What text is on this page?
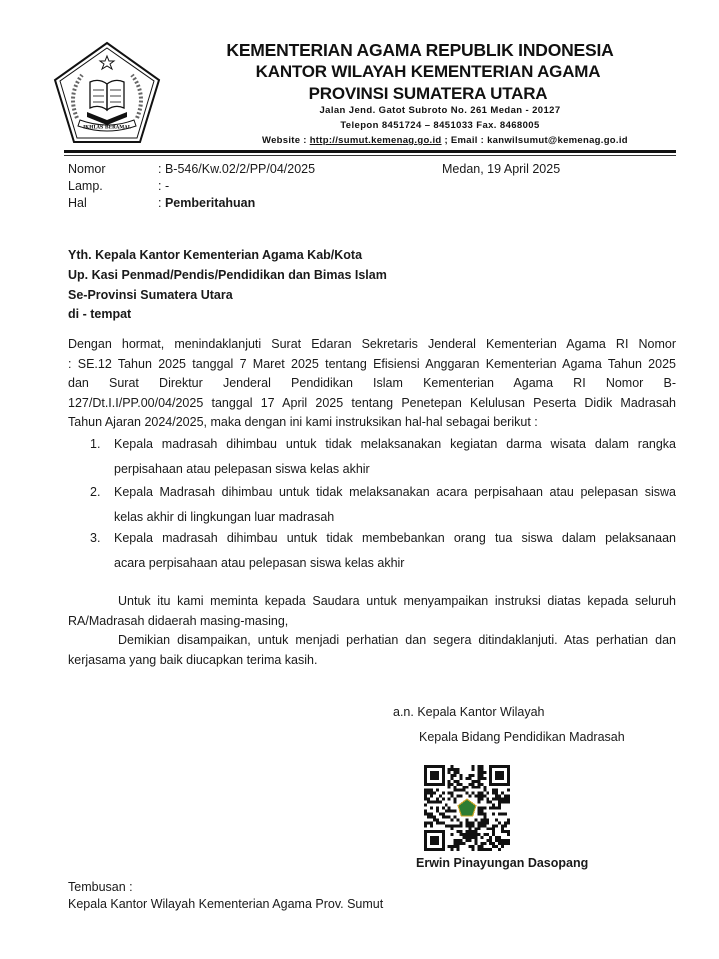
IKHLAS BERAMAL
KEMENTERIAN AGAMA REPUBLIK INDONESIA
KANTOR WILAYAH KEMENTERIAN AGAMA
PROVINSI SUMATERA UTARA
Jalan Jend. Gatot Subroto No. 261 Medan - 20127
Telepon 8451724 – 8451033 Fax. 8468005
Website : http://sumut.kemenag.go.id ; Email : kanwilsumut@kemenag.go.id
Nomor	: B-546/Kw.02/2/PP/04/2025	Medan, 19 April 2025
Lamp.	: -
Hal	: Pemberitahuan
Yth. Kepala Kantor Kementerian Agama Kab/Kota
Up. Kasi Penmad/Pendis/Pendidikan dan Bimas Islam
Se-Provinsi Sumatera Utara
di - tempat
Dengan hormat, menindaklanjuti Surat Edaran Sekretaris Jenderal Kementerian Agama RI Nomor
: SE.12 Tahun 2025 tanggal 7 Maret 2025 tentang Efisiensi Anggaran Kementerian Agama Tahun 2025
dan Surat Direktur Jenderal Pendidikan Islam Kementerian Agama RI Nomor B-
127/Dt.I.I/PP.00/04/2025 tanggal 17 April 2025 tentang Penetepan Kelulusan Peserta Didik Madrasah
Tahun Ajaran 2024/2025, maka dengan ini kami instruksikan hal-hal sebagai berikut :
1. Kepala madrasah dihimbau untuk tidak melaksanakan kegiatan darma wisata dalam rangka
perpisahaan atau pelepasan siswa kelas akhir
2. Kepala Madrasah dihimbau untuk tidak melaksanakan acara perpisahaan atau pelepasan siswa
kelas akhir di lingkungan luar madrasah
3. Kepala madrasah dihimbau untuk tidak membebankan orang tua siswa dalam pelaksanaan
acara perpisahaan atau pelepasan siswa kelas akhir
Untuk itu kami meminta kepada Saudara untuk menyampaikan instruksi diatas kepada seluruh
RA/Madrasah didaerah masing-masing,
Demikian disampaikan, untuk menjadi perhatian dan segera ditindaklanjuti. Atas perhatian dan
kerjasama yang baik diucapkan terima kasih.
a.n. Kepala Kantor Wilayah
Kepala Bidang Pendidikan Madrasah
Erwin Pinayungan Dasopang
Tembusan :
Kepala Kantor Wilayah Kementerian Agama Prov. Sumut
